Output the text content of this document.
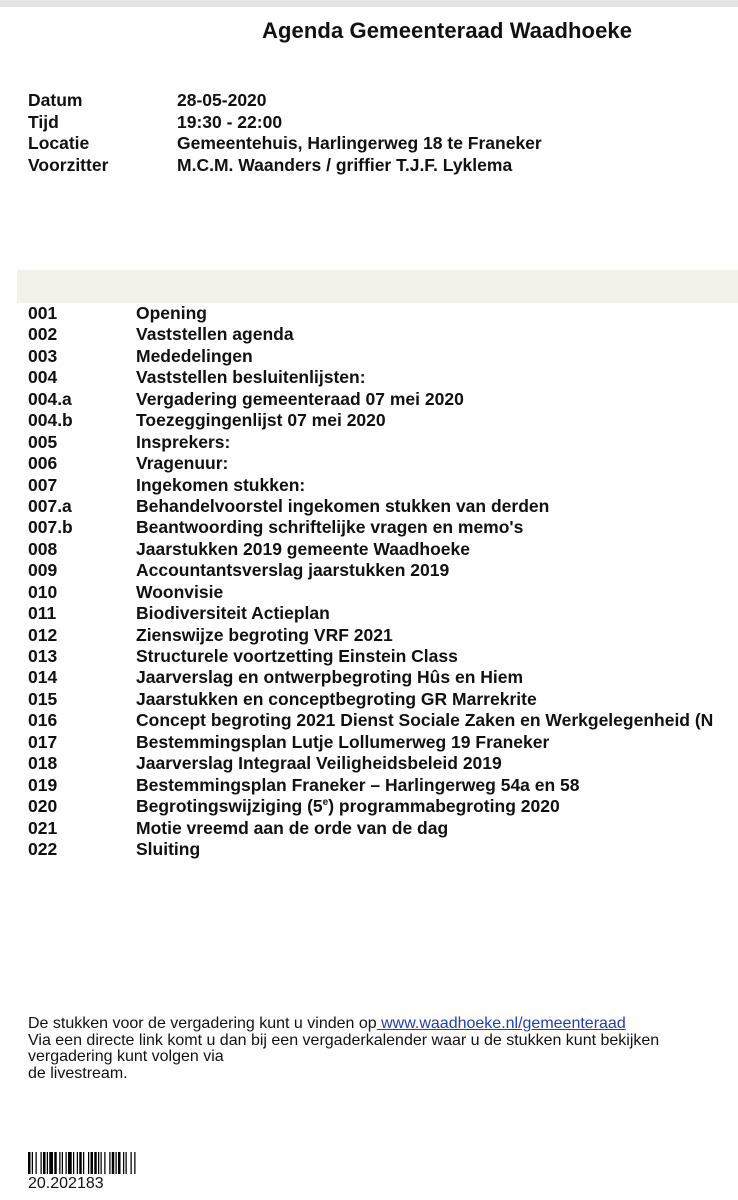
Agenda Gemeenteraad Waadhoeke
Datum	28-05-2020
Tijd	19:30 - 22:00
Locatie	Gemeentehuis, Harlingerweg 18 te Franeker
Voorzitter	M.C.M. Waanders / griffier T.J.F. Lyklema
001	Opening
002	Vaststellen agenda
003	Mededelingen
004	Vaststellen besluitenlijsten:
004.a	Vergadering gemeenteraad 07 mei 2020
004.b	Toezeggingenlijst 07 mei 2020
005	Insprekers:
006	Vragenuur:
007	Ingekomen stukken:
007.a	Behandelvoorstel ingekomen stukken van derden
007.b	Beantwoording schriftelijke vragen en memo's
008	Jaarstukken 2019 gemeente Waadhoeke
009	Accountantsverslag jaarstukken 2019
010	Woonvisie
011	Biodiversiteit Actieplan
012	Zienswijze begroting VRF 2021
013	Structurele voortzetting Einstein Class
014	Jaarverslag en ontwerpbegroting Hûs en Hiem
015	Jaarstukken en conceptbegroting GR Marrekrite
016	Concept begroting 2021 Dienst Sociale Zaken en Werkgelegenheid (N
017	Bestemmingsplan Lutje Lollumerweg 19 Franeker
018	Jaarverslag Integraal Veiligheidsbeleid 2019
019	Bestemmingsplan Franeker – Harlingerweg 54a en 58
020	Begrotingswijziging (5e) programmabegroting 2020
021	Motie vreemd aan de orde van de dag
022	Sluiting
De stukken voor de vergadering kunt u vinden op www.waadhoeke.nl/gemeenteraad
Via een directe link komt u dan bij een vergaderkalender waar u de stukken kunt bekijken
vergadering kunt volgen via
de livestream.
20.202183
